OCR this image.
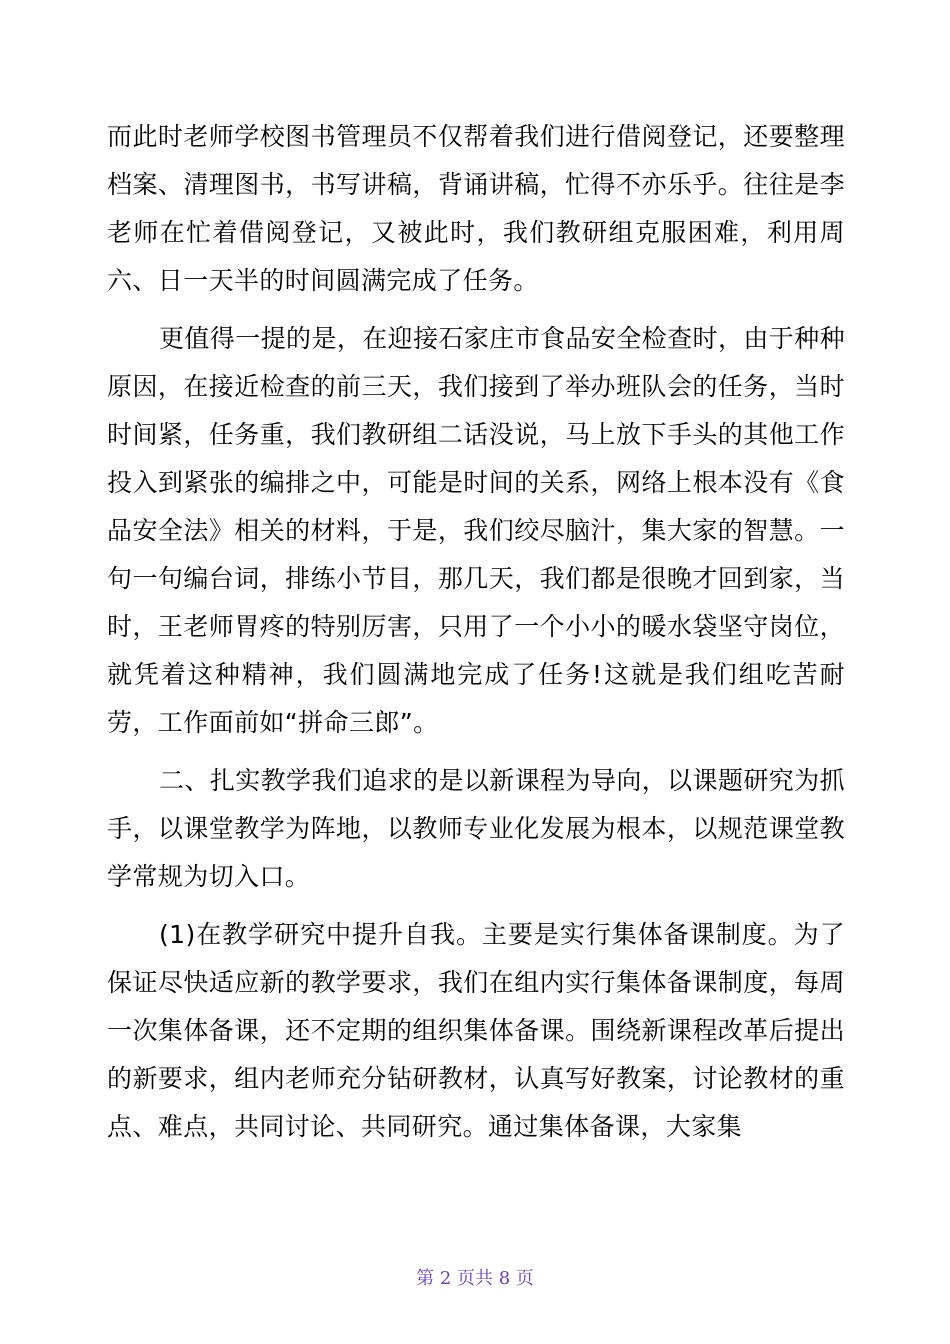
而此时老师学校图书管理员不仅帮着我们进行借阅登记，还要整理档案、清理图书，书写讲稿，背诵讲稿，忙得不亦乐乎。往往是李老师在忙着借阅登记，又被此时，我们教研组克服困难，利用周六、日一天半的时间圆满完成了任务。

更值得一提的是，在迎接石家庄市食品安全检查时，由于种种原因，在接近检查的前三天，我们接到了举办班队会的任务，当时时间紧，任务重，我们教研组二话没说，马上放下手头的其他工作投入到紧张的编排之中，可能是时间的关系，网络上根本没有《食品安全法》相关的材料，于是，我们绞尽脑汁，集大家的智慧。一句一句编台词，排练小节目，那几天，我们都是很晚才回到家，当时，王老师胃疼的特别厉害，只用了一个小小的暖水袋坚守岗位，就凭着这种精神，我们圆满地完成了任务!这就是我们组吃苦耐劳，工作面前如“拼命三郎”。

二、扎实教学我们追求的是以新课程为导向，以课题研究为抓手，以课堂教学为阵地，以教师专业化发展为根本，以规范课堂教学常规为切入口。

(1)在教学研究中提升自我。主要是实行集体备课制度。为了保证尽快适应新的教学要求，我们在组内实行集体备课制度，每周一次集体备课，还不定期的组织集体备课。围绕新课程改革后提出的新要求，组内老师充分钻研教材，认真写好教案，讨论教材的重点、难点，共同讨论、共同研究。通过集体备课，大家集

第 2 页共 8 页
